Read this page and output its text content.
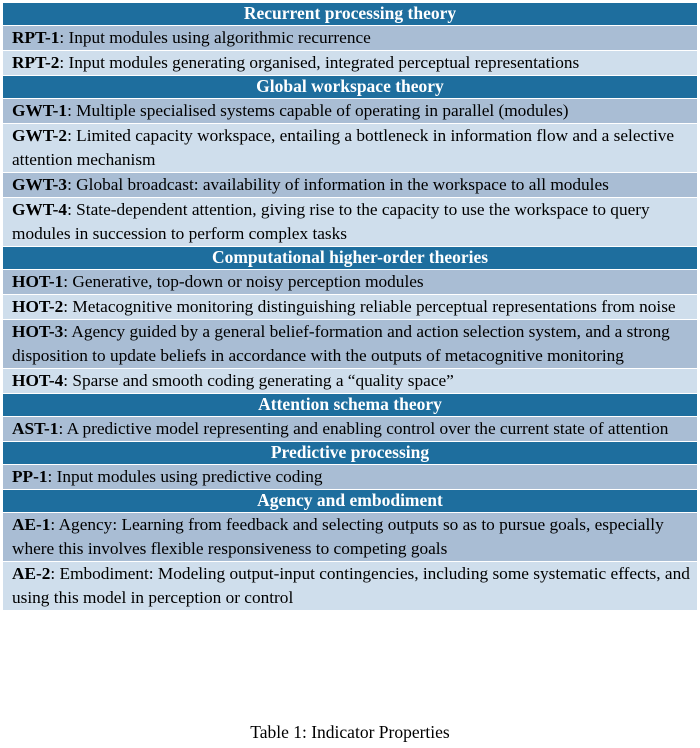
Recurrent processing theory
RPT-1: Input modules using algorithmic recurrence
RPT-2: Input modules generating organised, integrated perceptual representations
Global workspace theory
GWT-1: Multiple specialised systems capable of operating in parallel (modules)
GWT-2: Limited capacity workspace, entailing a bottleneck in information flow and a selective attention mechanism
GWT-3: Global broadcast: availability of information in the workspace to all modules
GWT-4: State-dependent attention, giving rise to the capacity to use the workspace to query modules in succession to perform complex tasks
Computational higher-order theories
HOT-1: Generative, top-down or noisy perception modules
HOT-2: Metacognitive monitoring distinguishing reliable perceptual representations from noise
HOT-3: Agency guided by a general belief-formation and action selection system, and a strong disposition to update beliefs in accordance with the outputs of metacognitive monitoring
HOT-4: Sparse and smooth coding generating a “quality space”
Attention schema theory
AST-1: A predictive model representing and enabling control over the current state of attention
Predictive processing
PP-1: Input modules using predictive coding
Agency and embodiment
AE-1: Agency: Learning from feedback and selecting outputs so as to pursue goals, especially where this involves flexible responsiveness to competing goals
AE-2: Embodiment: Modeling output-input contingencies, including some systematic effects, and using this model in perception or control
Table 1: Indicator Properties
